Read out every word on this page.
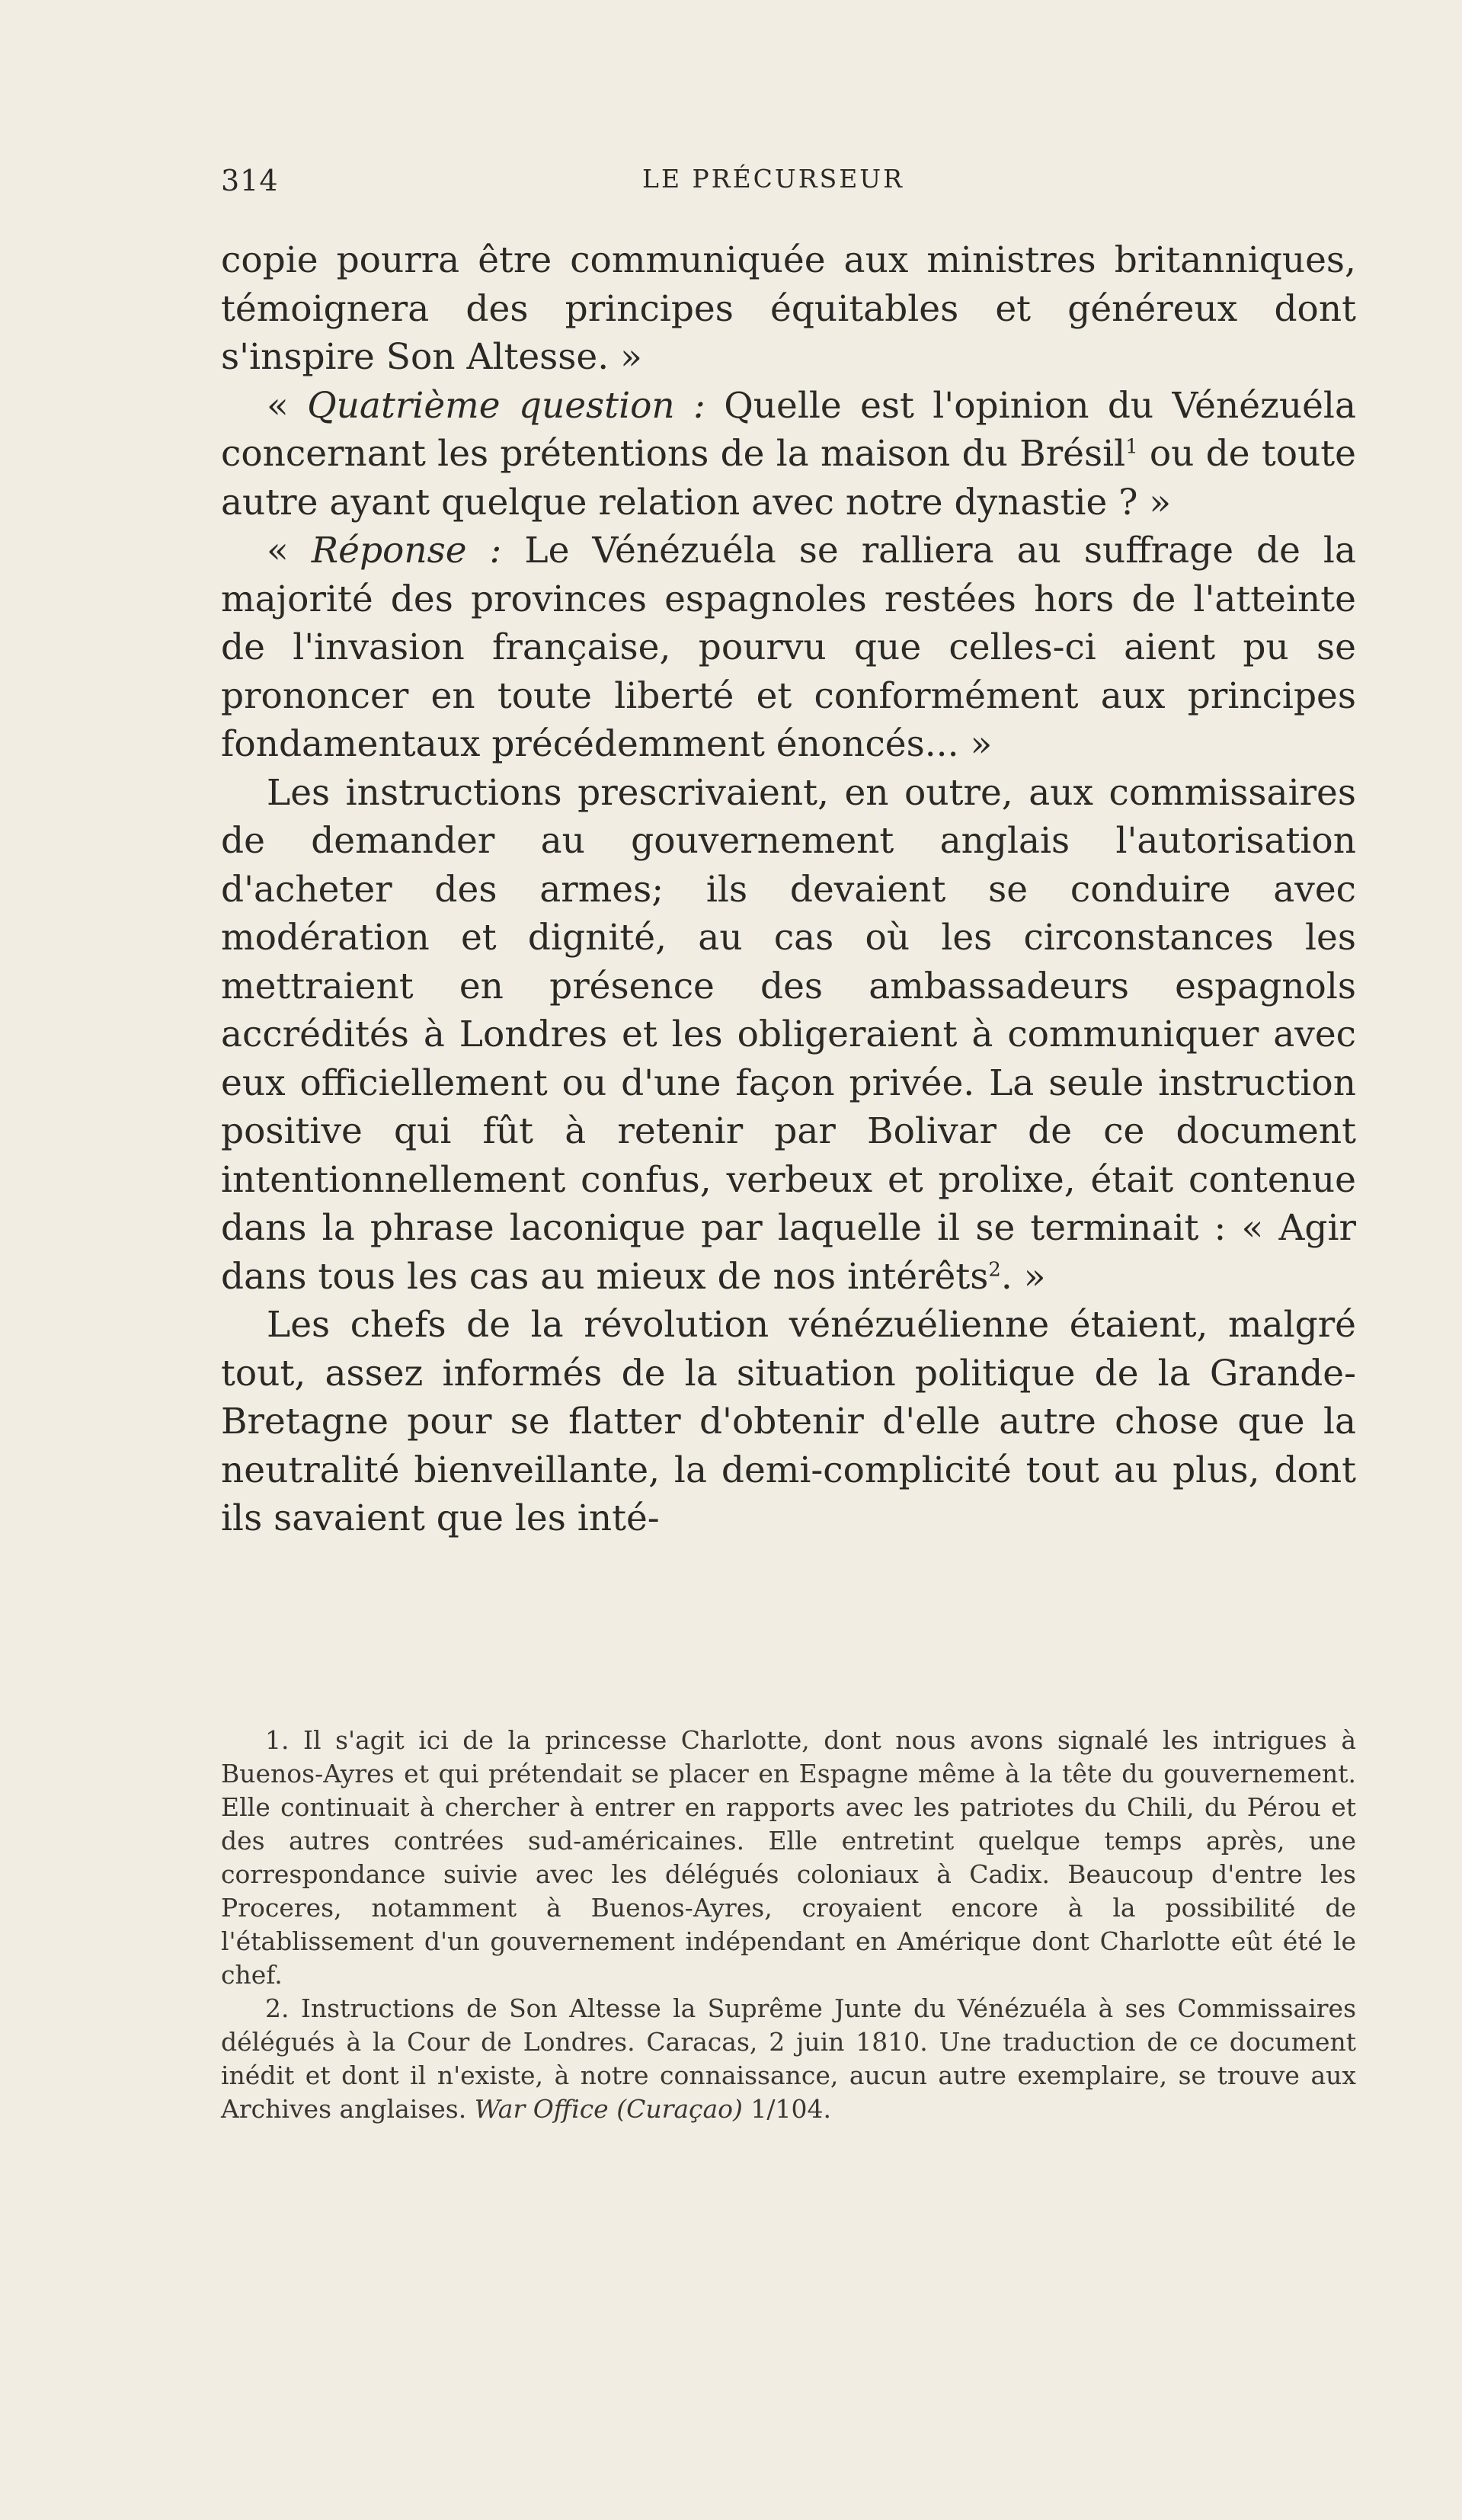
314	LE PRÉCURSEUR

copie pourra être communiquée aux ministres britanniques, témoignera des principes équitables et généreux dont s'inspire Son Altesse. »

« Quatrième question : Quelle est l'opinion du Vénézuéla concernant les prétentions de la maison du Brésil$^1$ ou de toute autre ayant quelque relation avec notre dynastie ? »

« Réponse : Le Vénézuéla se ralliera au suffrage de la majorité des provinces espagnoles restées hors de l'atteinte de l'invasion française, pourvu que celles-ci aient pu se prononcer en toute liberté et conformément aux principes fondamentaux précédemment énoncés... »

Les instructions prescrivaient, en outre, aux commissaires de demander au gouvernement anglais l'autorisation d'acheter des armes; ils devaient se conduire avec modération et dignité, au cas où les circonstances les mettraient en présence des ambassadeurs espagnols accrédités à Londres et les obligeraient à communiquer avec eux officiellement ou d'une façon privée. La seule instruction positive qui fût à retenir par Bolivar de ce document intentionnellement confus, verbeux et prolixe, était contenue dans la phrase laconique par laquelle il se terminait : « Agir dans tous les cas au mieux de nos intérêts$^2$. »

Les chefs de la révolution vénézuélienne étaient, malgré tout, assez informés de la situation politique de la Grande-Bretagne pour se flatter d'obtenir d'elle autre chose que la neutralité bienveillante, la demi-complicité tout au plus, dont ils savaient que les inté-

1. Il s'agit ici de la princesse Charlotte, dont nous avons signalé les intrigues à Buenos-Ayres et qui prétendait se placer en Espagne même à la tête du gouvernement. Elle continuait à chercher à entrer en rapports avec les patriotes du Chili, du Pérou et des autres contrées sud-américaines. Elle entretint quelque temps après, une correspondance suivie avec les délégués coloniaux à Cadix. Beaucoup d'entre les Proceres, notamment à Buenos-Ayres, croyaient encore à la possibilité de l'établissement d'un gouvernement indépendant en Amérique dont Charlotte eût été le chef.

2. Instructions de Son Altesse la Suprême Junte du Vénézuéla à ses Commissaires délégués à la Cour de Londres. Caracas, 2 juin 1810. Une traduction de ce document inédit et dont il n'existe, à notre connaissance, aucun autre exemplaire, se trouve aux Archives anglaises. War Office (Curaçao) 1/104.
